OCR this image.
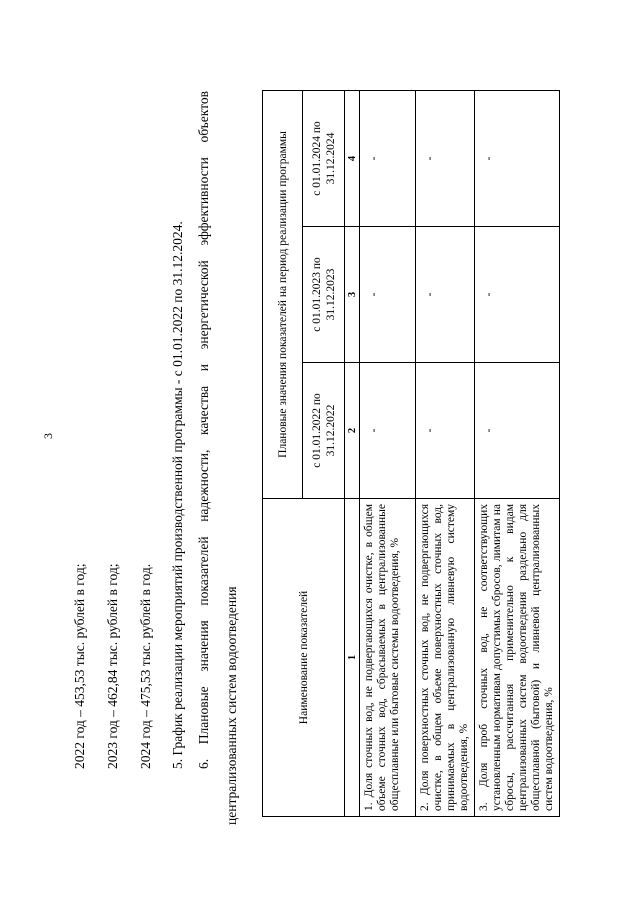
3
2022 год – 453,53 тыс. рублей в год; 2023 год – 462,84 тыс. рублей в год; 2024 год – 475,53 тыс. рублей в год. 5. График реализации мероприятий производственной программы - с 01.01.2022 по 31.12.2024. 6. Плановые значения показателей надежности, качества и энергетической эффективности объектов централизованных систем водоотведения	Наименование показателей	Плановые значения показателей на период реализации программы		
	с 01.01.2022 по 31.12.2022	с 01.01.2023 по 31.12.2023	с 01.01.2024 по 31.12.2024
1	2	3	4
1. Доля сточных вод, не подвергающихся очистке, в общем объеме сточных вод, сбрасываемых в централизованные общесплавные или бытовые системы водоотведения, %	-	-	-
2. Доля поверхностных сточных вод, не подвергающихся очистке, в общем объеме поверхностных сточных вод, принимаемых в централизованную ливневую систему водоотведения, %	-	-	-
3. Доля проб сточных вод, не соответствующих установленным нормативам допустимых сбросов, лимитам на сбросы, рассчитанная применительно к видам централизованных систем водоотведения раздельно для общесплавной (бытовой) и ливневой централизованных систем водоотведения, %	-	-	-
